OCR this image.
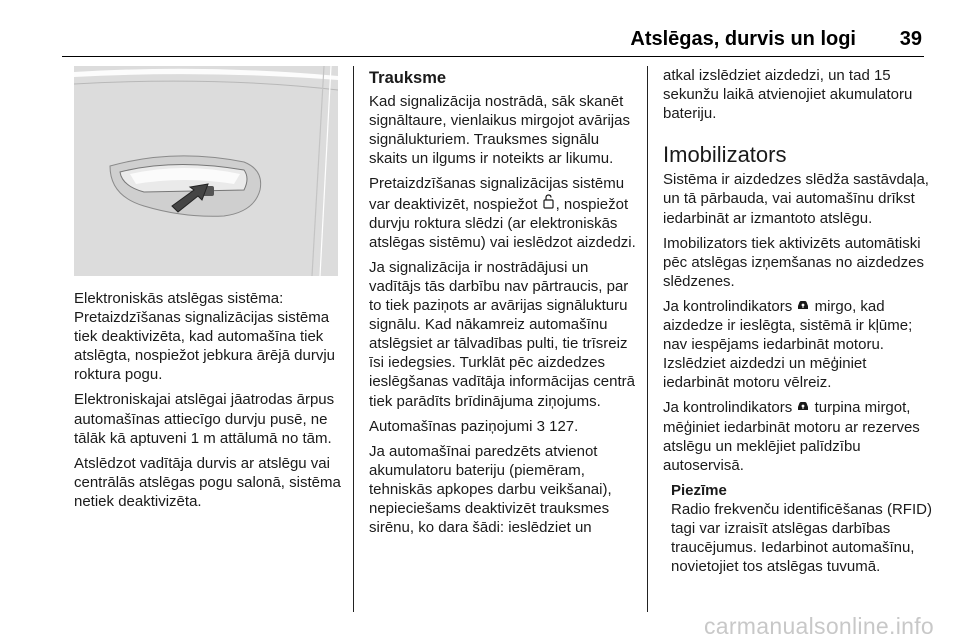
Atslēgas, durvis un logi 39

Elektroniskās atslēgas sistēma: Pretaizdzīšanas signalizācijas sistēma tiek deaktivizēta, kad automašīna tiek atslēgta, nospiežot jebkura ārējā durvju roktura pogu.

Elektroniskajai atslēgai jāatrodas ārpus automašīnas attiecīgo durvju pusē, ne tālāk kā aptuveni 1 m attālumā no tām.

Atslēdzot vadītāja durvis ar atslēgu vai centrālās atslēgas pogu salonā, sistēma netiek deaktivizēta.

Trauksme

Kad signalizācija nostrādā, sāk skanēt signāltaure, vienlaikus mirgojot avārijas signālukturiem. Trauksmes signālu skaits un ilgums ir noteikts ar likumu.

Pretaizdzīšanas signalizācijas sistēmu var deaktivizēt, nospiežot , nospiežot durvju roktura slēdzi (ar elektroniskās atslēgas sistēmu) vai ieslēdzot aizdedzi.

Ja signalizācija ir nostrādājusi un vadītājs tās darbību nav pārtraucis, par to tiek paziņots ar avārijas signālukturu signālu. Kad nākamreiz automašīnu atslēgsiet ar tālvadības pulti, tie trīsreiz īsi iedegsies. Turklāt pēc aizdedzes ieslēgšanas vadītāja informācijas centrā tiek parādīts brīdinājuma ziņojums.

Automašīnas paziņojumi 3 127.

Ja automašīnai paredzēts atvienot akumulatoru bateriju (piemēram, tehniskās apkopes darbu veikšanai), nepieciešams deaktivizēt trauksmes sirēnu, ko dara šādi: ieslēdziet un

atkal izslēdziet aizdedzi, un tad 15 sekunžu laikā atvienojiet akumulatoru bateriju.

Imobilizators

Sistēma ir aizdedzes slēdža sastāvdaļa, un tā pārbauda, vai automašīnu drīkst iedarbināt ar izmantoto atslēgu.

Imobilizators tiek aktivizēts automātiski pēc atslēgas izņemšanas no aizdedzes slēdzenes.

Ja kontrolindikators mirgo, kad aizdedze ir ieslēgta, sistēmā ir kļūme; nav iespējams iedarbināt motoru. Izslēdziet aizdedzi un mēģiniet iedarbināt motoru vēlreiz.

Ja kontrolindikators turpina mirgot, mēģiniet iedarbināt motoru ar rezerves atslēgu un meklējiet palīdzību autoservisā.

Piezīme
Radio frekvenču identificēšanas (RFID) tagi var izraisīt atslēgas darbības traucējumus. Iedarbinot automašīnu, novietojiet tos atslēgas tuvumā.
carmanualsonline.info
